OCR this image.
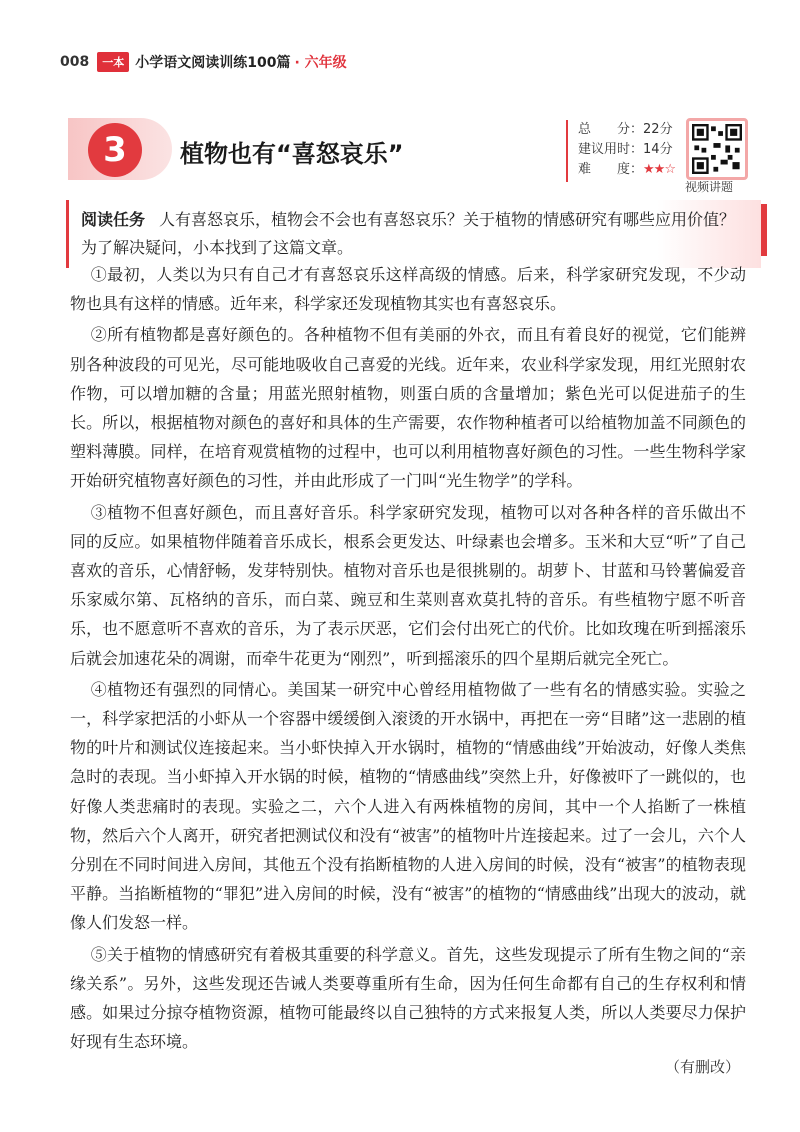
008	一本 小学语文阅读训练100篇 · 六年级
3	植物也有“喜怒哀乐”
总　　分：22分
建议用时：14分
难　　度：★★☆
视频讲题
阅读任务 人有喜怒哀乐，植物会不会也有喜怒哀乐？关于植物的情感研究有哪些应用价值？为了解决疑问，小本找到了这篇文章。

①最初，人类以为只有自己才有喜怒哀乐这样高级的情感。后来，科学家研究发现，不少动物也具有这样的情感。近年来，科学家还发现植物其实也有喜怒哀乐。

②所有植物都是喜好颜色的。各种植物不但有美丽的外衣，而且有着良好的视觉，它们能辨别各种波段的可见光，尽可能地吸收自己喜爱的光线。近年来，农业科学家发现，用红光照射农作物，可以增加糖的含量；用蓝光照射植物，则蛋白质的含量增加；紫色光可以促进茄子的生长。所以，根据植物对颜色的喜好和具体的生产需要，农作物种植者可以给植物加盖不同颜色的塑料薄膜。同样，在培育观赏植物的过程中，也可以利用植物喜好颜色的习性。一些生物科学家开始研究植物喜好颜色的习性，并由此形成了一门叫“光生物学”的学科。

③植物不但喜好颜色，而且喜好音乐。科学家研究发现，植物可以对各种各样的音乐做出不同的反应。如果植物伴随着音乐成长，根系会更发达、叶绿素也会增多。玉米和大豆“听”了自己喜欢的音乐，心情舒畅，发芽特别快。植物对音乐也是很挑剔的。胡萝卜、甘蓝和马铃薯偏爱音乐家威尔第、瓦格纳的音乐，而白菜、豌豆和生菜则喜欢莫扎特的音乐。有些植物宁愿不听音乐，也不愿意听不喜欢的音乐，为了表示厌恶，它们会付出死亡的代价。比如玫瑰在听到摇滚乐后就会加速花朵的凋谢，而牵牛花更为“刚烈”，听到摇滚乐的四个星期后就完全死亡。

④植物还有强烈的同情心。美国某一研究中心曾经用植物做了一些有名的情感实验。实验之一，科学家把活的小虾从一个容器中缓缓倒入滚烫的开水锅中，再把在一旁“目睹”这一悲剧的植物的叶片和测试仪连接起来。当小虾快掉入开水锅时，植物的“情感曲线”开始波动，好像人类焦急时的表现。当小虾掉入开水锅的时候，植物的“情感曲线”突然上升，好像被吓了一跳似的，也好像人类悲痛时的表现。实验之二，六个人进入有两株植物的房间，其中一个人掐断了一株植物，然后六个人离开，研究者把测试仪和没有“被害”的植物叶片连接起来。过了一会儿，六个人分别在不同时间进入房间，其他五个没有掐断植物的人进入房间的时候，没有“被害”的植物表现平静。当掐断植物的“罪犯”进入房间的时候，没有“被害”的植物的“情感曲线”出现大的波动，就像人们发怒一样。

⑤关于植物的情感研究有着极其重要的科学意义。首先，这些发现提示了所有生物之间的“亲缘关系”。另外，这些发现还告诫人类要尊重所有生命，因为任何生命都有自己的生存权利和情感。如果过分掠夺植物资源，植物可能最终以自己独特的方式来报复人类，所以人类要尽力保护好现有生态环境。

（有删改）
